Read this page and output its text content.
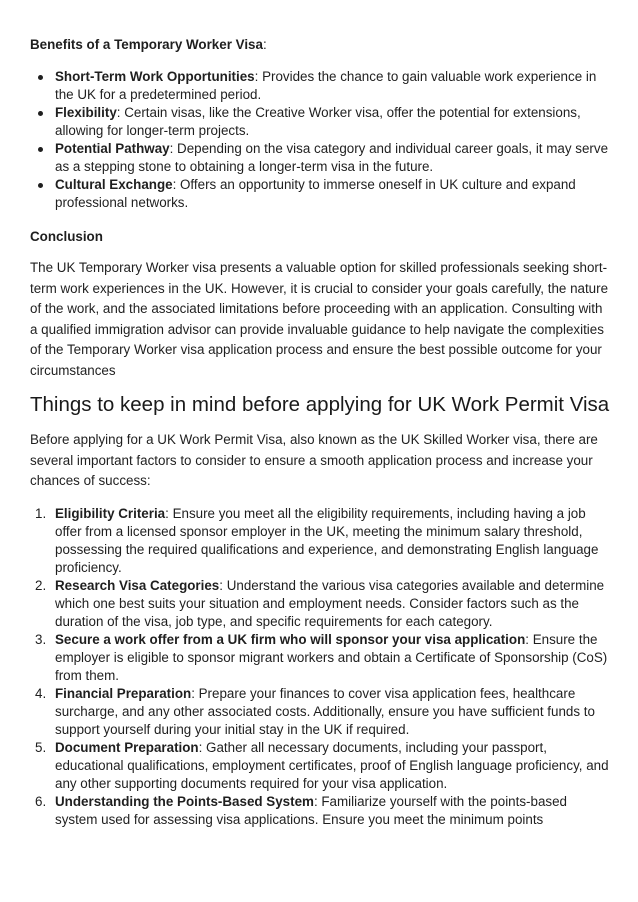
Benefits of a Temporary Worker Visa:

Short-Term Work Opportunities: Provides the chance to gain valuable work experience in the UK for a predetermined period.
Flexibility: Certain visas, like the Creative Worker visa, offer the potential for extensions, allowing for longer-term projects.
Potential Pathway: Depending on the visa category and individual career goals, it may serve as a stepping stone to obtaining a longer-term visa in the future.
Cultural Exchange: Offers an opportunity to immerse oneself in UK culture and expand professional networks.
Conclusion

The UK Temporary Worker visa presents a valuable option for skilled professionals seeking short-term work experiences in the UK. However, it is crucial to consider your goals carefully, the nature of the work, and the associated limitations before proceeding with an application. Consulting with a qualified immigration advisor can provide invaluable guidance to help navigate the complexities of the Temporary Worker visa application process and ensure the best possible outcome for your circumstances

Things to keep in mind before applying for UK Work Permit Visa

Before applying for a UK Work Permit Visa, also known as the UK Skilled Worker visa, there are several important factors to consider to ensure a smooth application process and increase your chances of success:

1. Eligibility Criteria: Ensure you meet all the eligibility requirements, including having a job offer from a licensed sponsor employer in the UK, meeting the minimum salary threshold, possessing the required qualifications and experience, and demonstrating English language proficiency.
2. Research Visa Categories: Understand the various visa categories available and determine which one best suits your situation and employment needs. Consider factors such as the duration of the visa, job type, and specific requirements for each category.
3. Secure a work offer from a UK firm who will sponsor your visa application: Ensure the employer is eligible to sponsor migrant workers and obtain a Certificate of Sponsorship (CoS) from them.
4. Financial Preparation: Prepare your finances to cover visa application fees, healthcare surcharge, and any other associated costs. Additionally, ensure you have sufficient funds to support yourself during your initial stay in the UK if required.
5. Document Preparation: Gather all necessary documents, including your passport, educational qualifications, employment certificates, proof of English language proficiency, and any other supporting documents required for your visa application.
6. Understanding the Points-Based System: Familiarize yourself with the points-based system used for assessing visa applications. Ensure you meet the minimum points
